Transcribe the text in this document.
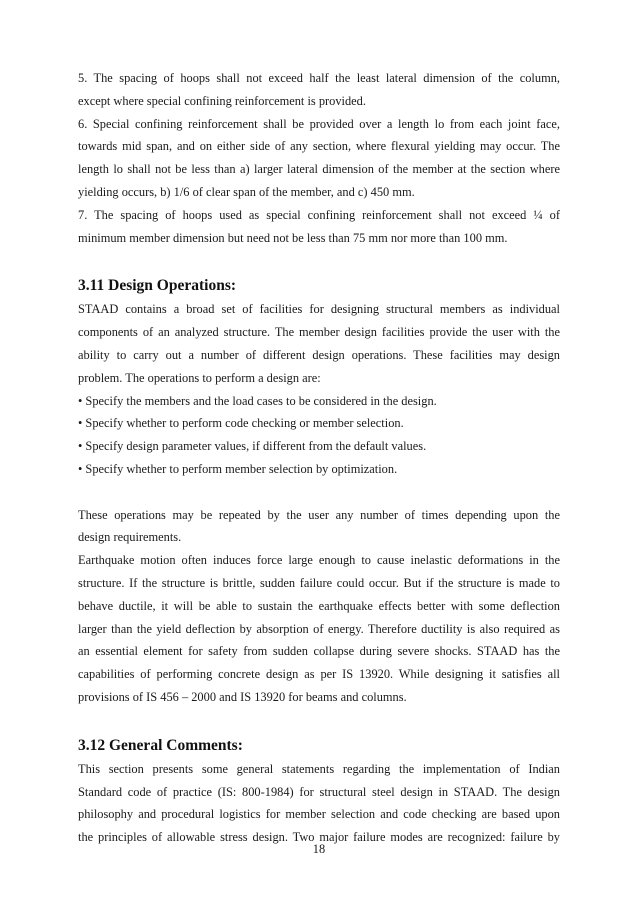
5. The spacing of hoops shall not exceed half the least lateral dimension of the column,
except where special confining reinforcement is provided.
6. Special confining reinforcement shall be provided over a length lo from each joint face,
towards mid span, and on either side of any section, where flexural yielding may occur. The
length lo shall not be less than a) larger lateral dimension of the member at the section where
yielding occurs, b) 1/6 of clear span of the member, and c) 450 mm.
7. The spacing of hoops used as special confining reinforcement shall not exceed ¼ of
minimum member dimension but need not be less than 75 mm nor more than 100 mm.
3.11 Design Operations:
STAAD contains a broad set of facilities for designing structural members as individual
components of an analyzed structure. The member design facilities provide the user with the
ability to carry out a number of different design operations. These facilities may design
problem. The operations to perform a design are:
• Specify the members and the load cases to be considered in the design.
• Specify whether to perform code checking or member selection.
• Specify design parameter values, if different from the default values.
• Specify whether to perform member selection by optimization.
These operations may be repeated by the user any number of times depending upon the
design requirements.
Earthquake motion often induces force large enough to cause inelastic deformations in the
structure. If the structure is brittle, sudden failure could occur. But if the structure is made to
behave ductile, it will be able to sustain the earthquake effects better with some deflection
larger than the yield deflection by absorption of energy. Therefore ductility is also required as
an essential element for safety from sudden collapse during severe shocks. STAAD has the
capabilities of performing concrete design as per IS 13920. While designing it satisfies all
provisions of IS 456 – 2000 and IS 13920 for beams and columns.
3.12 General Comments:
This section presents some general statements regarding the implementation of Indian
Standard code of practice (IS: 800-1984) for structural steel design in STAAD. The design
philosophy and procedural logistics for member selection and code checking are based upon
the principles of allowable stress design. Two major failure modes are recognized: failure by
18
